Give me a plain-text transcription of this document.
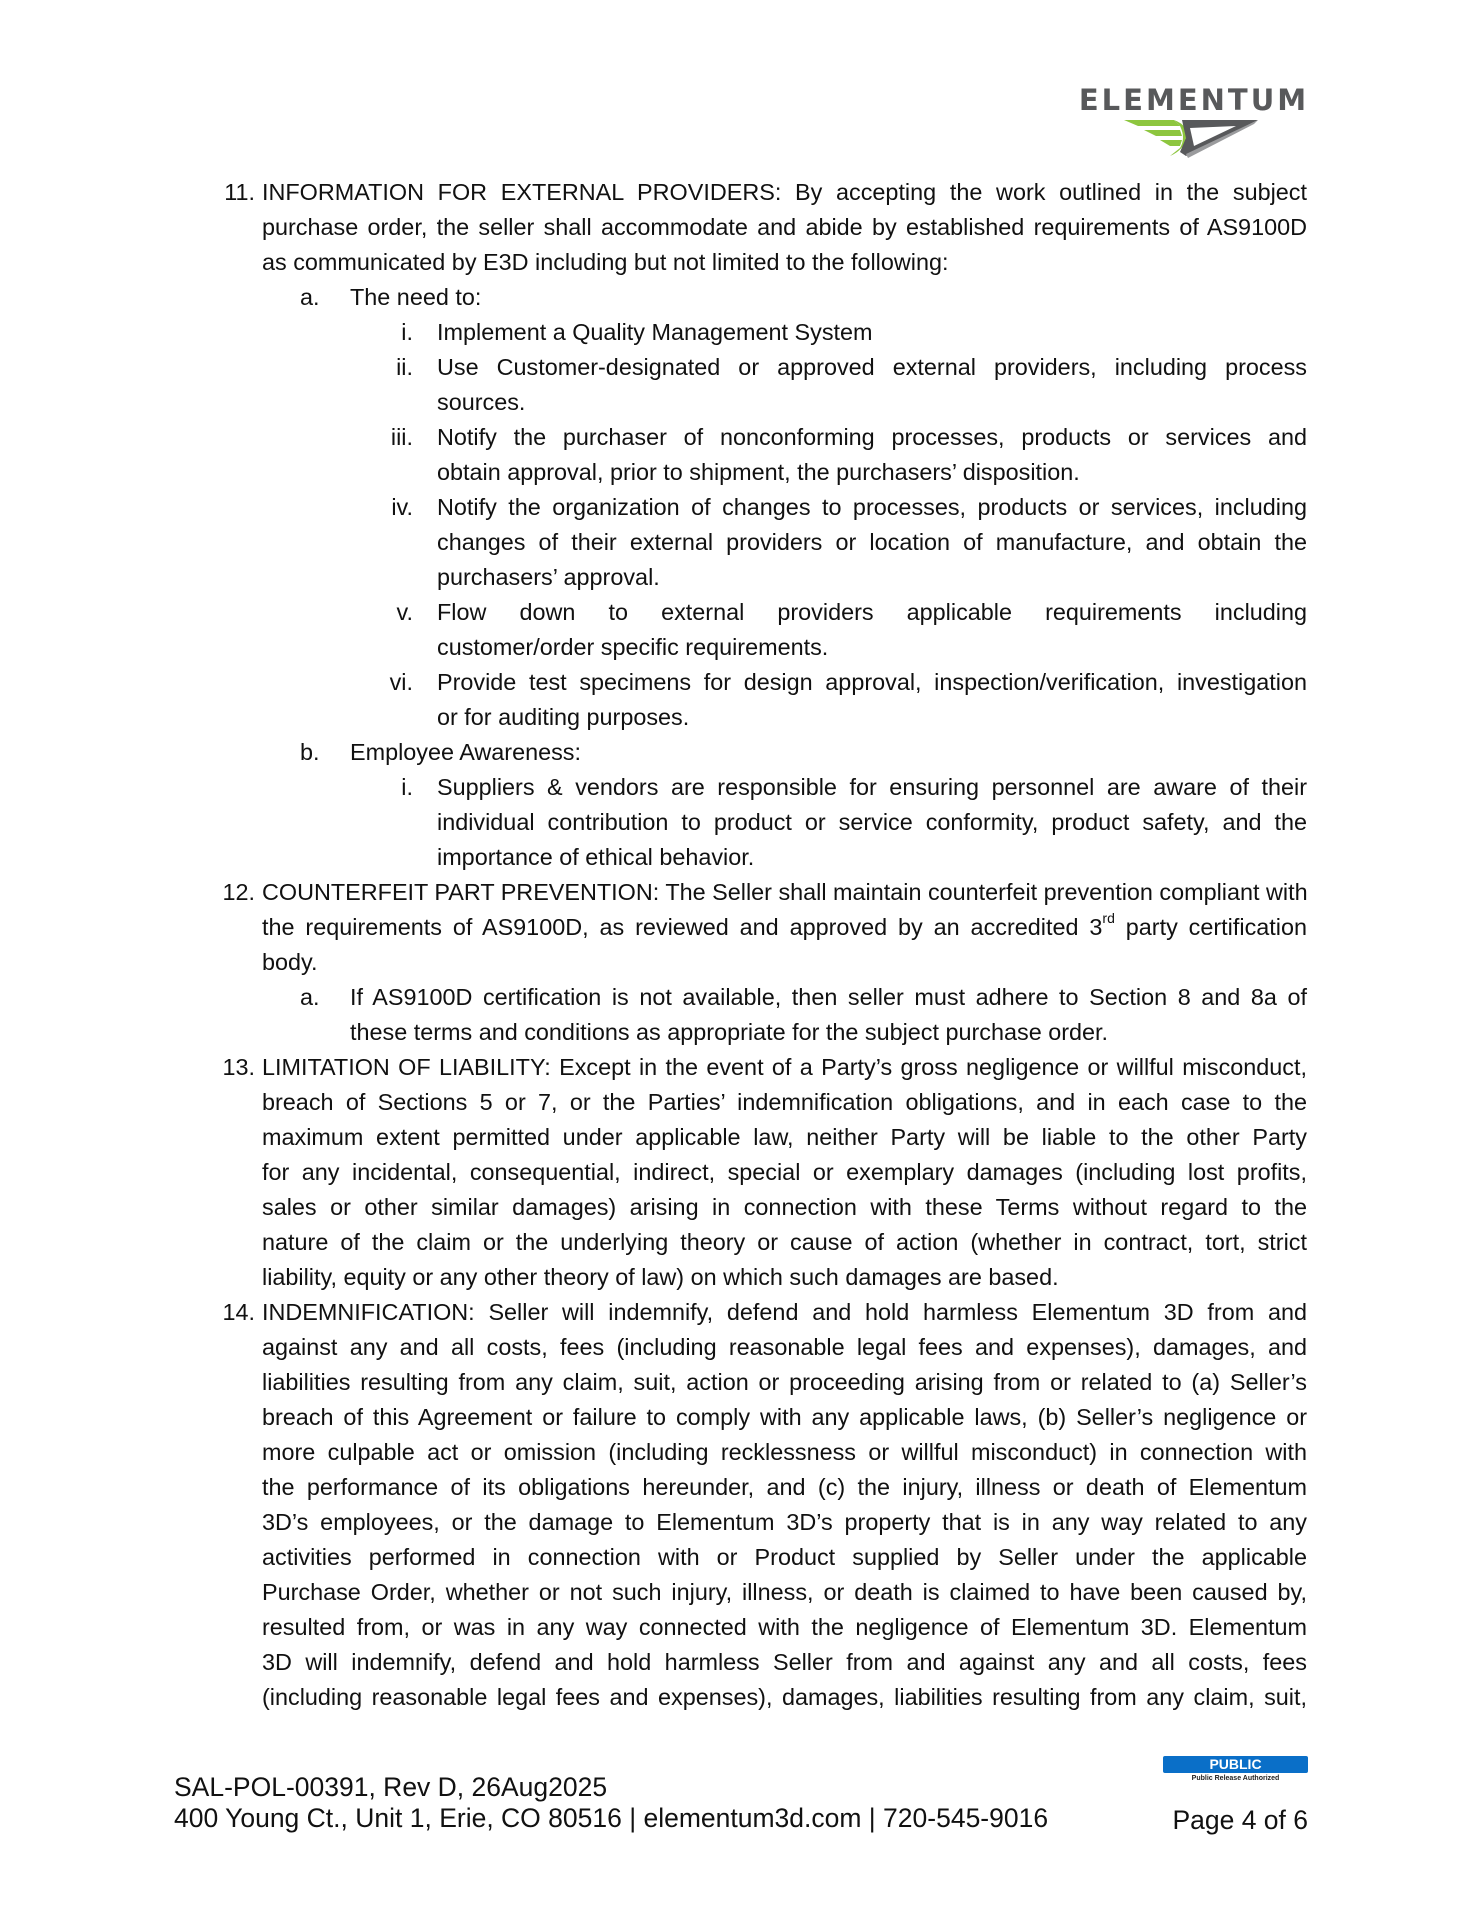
ELEMENTUM
11. INFORMATION FOR EXTERNAL PROVIDERS: By accepting the work outlined in the subject
purchase order, the seller shall accommodate and abide by established requirements of AS9100D
as communicated by E3D including but not limited to the following:
a.	The need to:
i. Implement a Quality Management System
ii. Use Customer-designated or approved external providers, including process
sources.
iii. Notify the purchaser of nonconforming processes, products or services and
obtain approval, prior to shipment, the purchasers’ disposition.
iv. Notify the organization of changes to processes, products or services, including
changes of their external providers or location of manufacture, and obtain the
purchasers’ approval.
v. Flow down to external providers applicable requirements including
customer/order specific requirements.
vi. Provide test specimens for design approval, inspection/verification, investigation
or for auditing purposes.
b.	Employee Awareness:
i. Suppliers & vendors are responsible for ensuring personnel are aware of their
individual contribution to product or service conformity, product safety, and the
importance of ethical behavior.
12. COUNTERFEIT PART PREVENTION: The Seller shall maintain counterfeit prevention compliant with
the requirements of AS9100D, as reviewed and approved by an accredited 3rd party certification
body.
a.	If AS9100D certification is not available, then seller must adhere to Section 8 and 8a of
these terms and conditions as appropriate for the subject purchase order.
13. LIMITATION OF LIABILITY: Except in the event of a Party’s gross negligence or willful misconduct,
breach of Sections 5 or 7, or the Parties’ indemnification obligations, and in each case to the
maximum extent permitted under applicable law, neither Party will be liable to the other Party
for any incidental, consequential, indirect, special or exemplary damages (including lost profits,
sales or other similar damages) arising in connection with these Terms without regard to the
nature of the claim or the underlying theory or cause of action (whether in contract, tort, strict
liability, equity or any other theory of law) on which such damages are based.
14. INDEMNIFICATION: Seller will indemnify, defend and hold harmless Elementum 3D from and
against any and all costs, fees (including reasonable legal fees and expenses), damages, and
liabilities resulting from any claim, suit, action or proceeding arising from or related to (a) Seller’s
breach of this Agreement or failure to comply with any applicable laws, (b) Seller’s negligence or
more culpable act or omission (including recklessness or willful misconduct) in connection with
the performance of its obligations hereunder, and (c) the injury, illness or death of Elementum
3D’s employees, or the damage to Elementum 3D’s property that is in any way related to any
activities performed in connection with or Product supplied by Seller under the applicable
Purchase Order, whether or not such injury, illness, or death is claimed to have been caused by,
resulted from, or was in any way connected with the negligence of Elementum 3D. Elementum
3D will indemnify, defend and hold harmless Seller from and against any and all costs, fees
(including reasonable legal fees and expenses), damages, liabilities resulting from any claim, suit,
SAL-POL-00391, Rev D, 26Aug2025
400 Young Ct., Unit 1, Erie, CO 80516 | elementum3d.com | 720-545-9016
PUBLIC
Public Release Authorized
Page 4 of 6
